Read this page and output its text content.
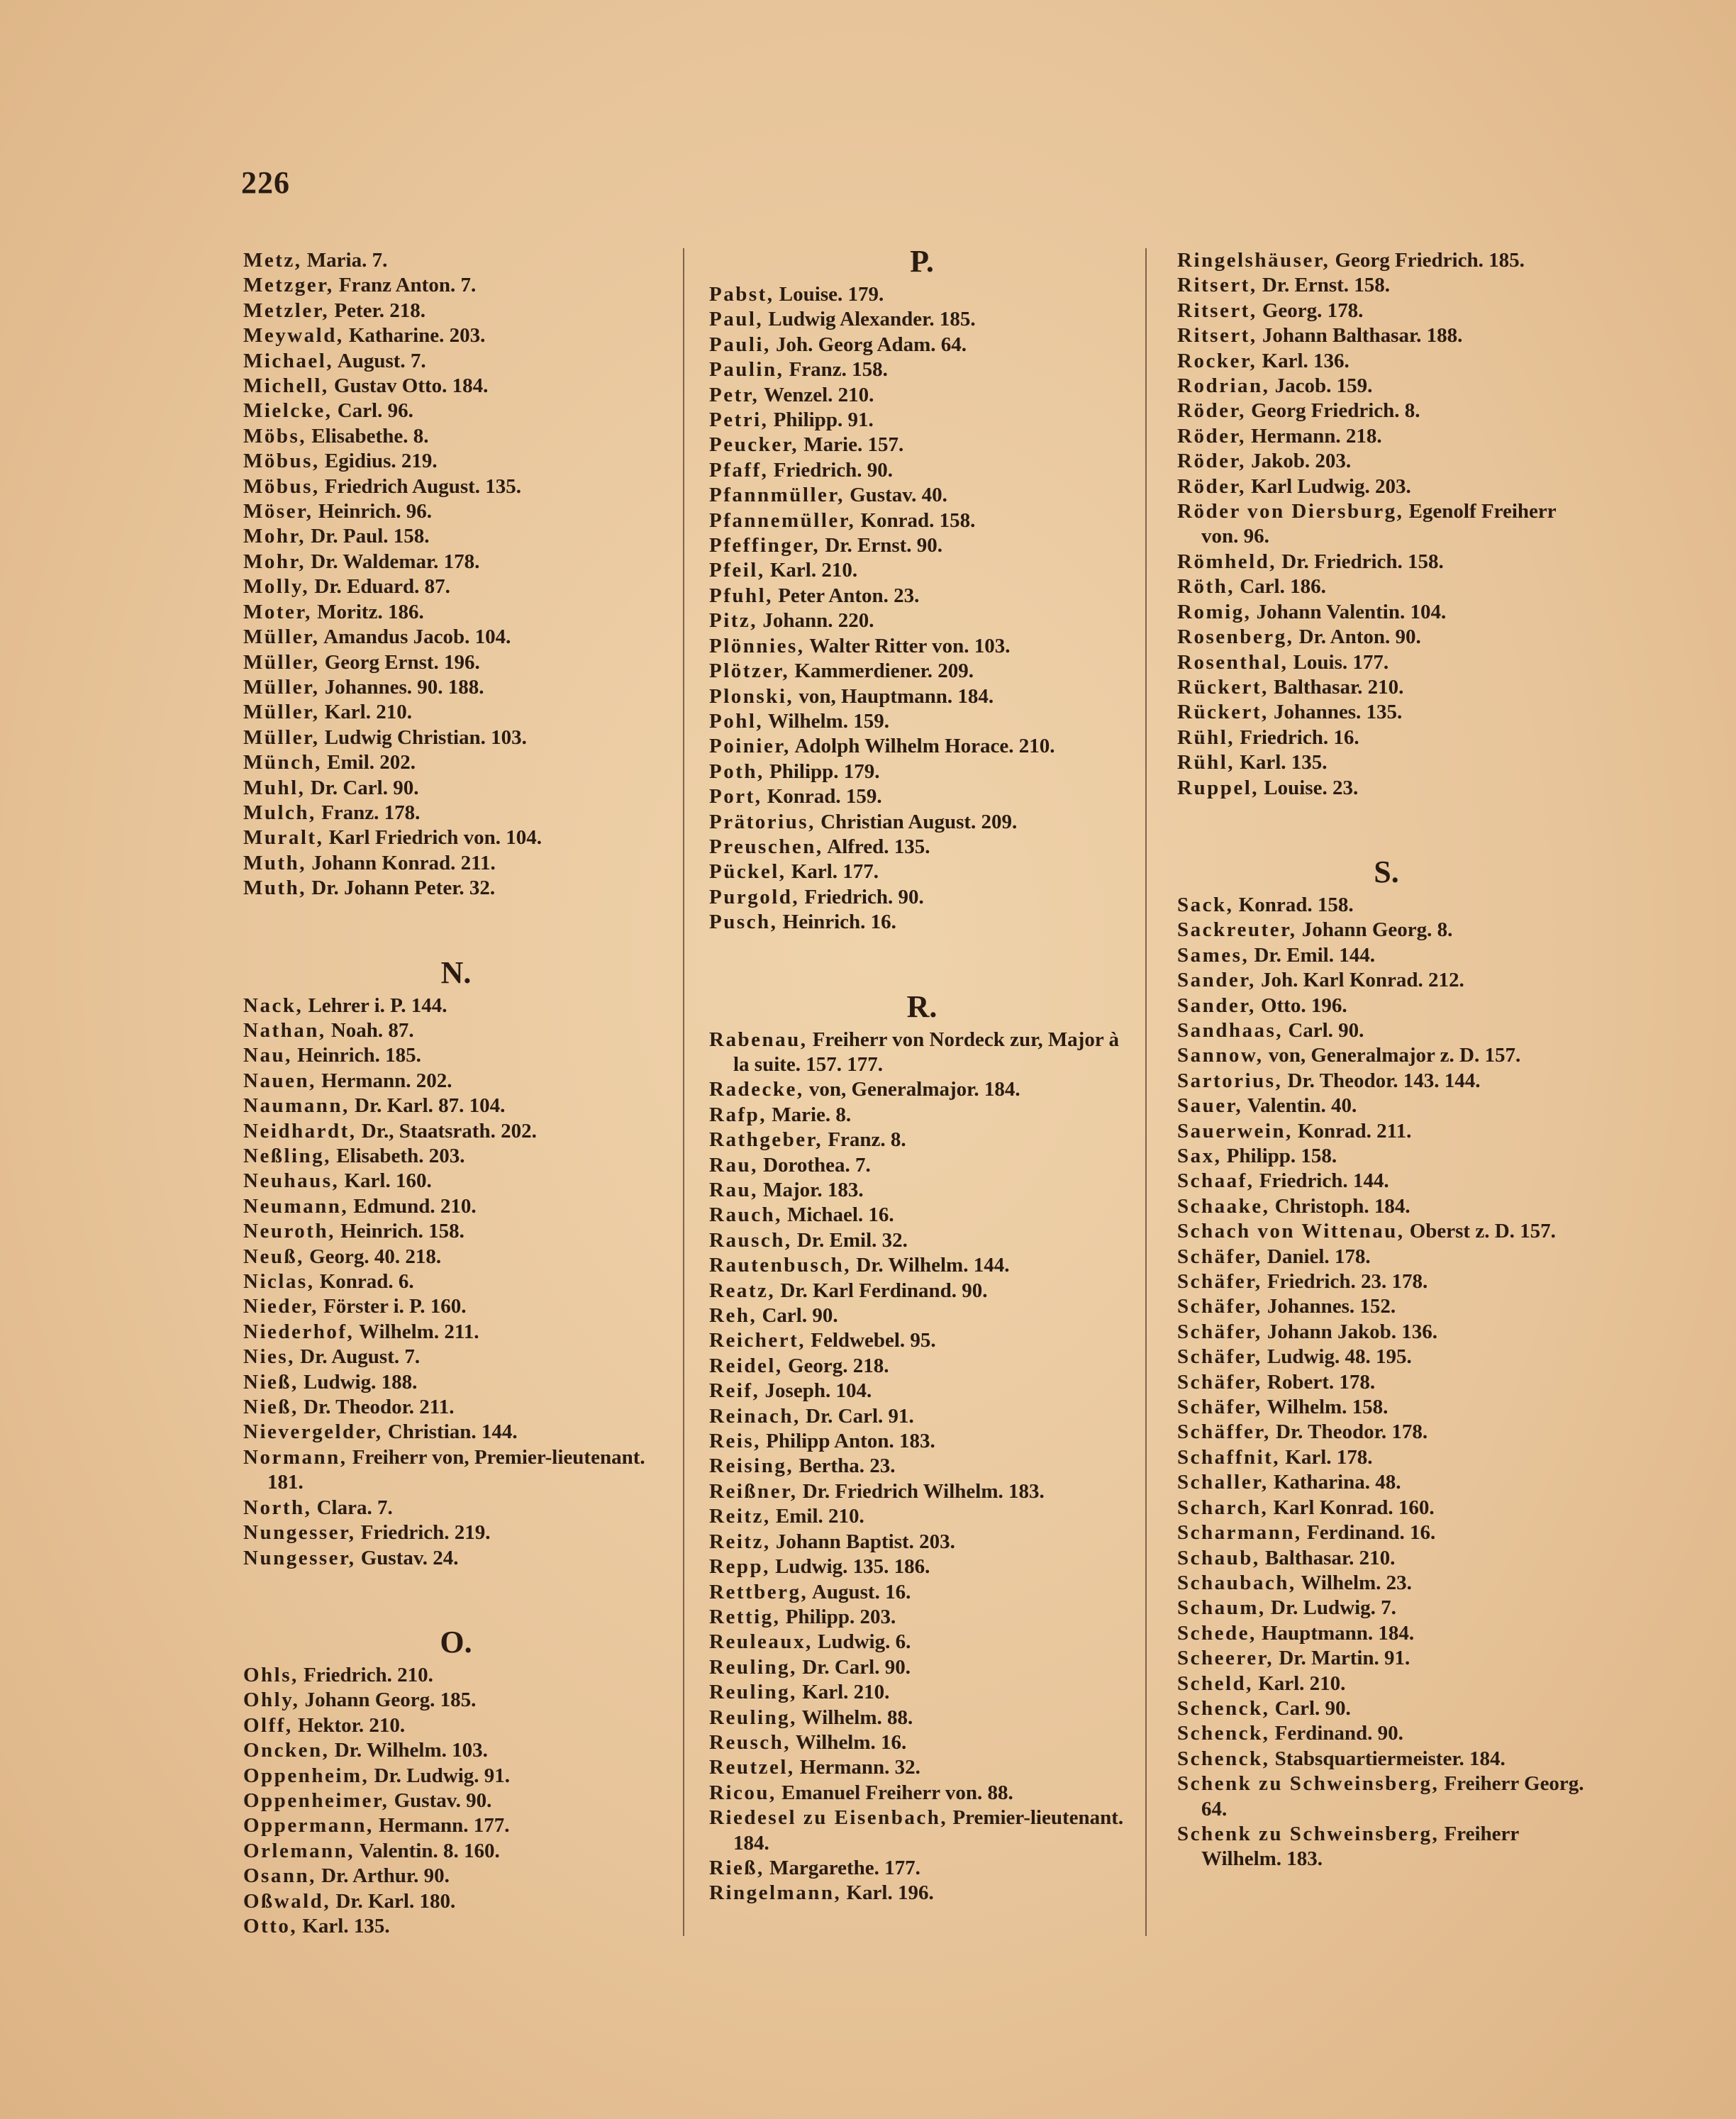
226
Metz, Maria. 7.
Metzger, Franz Anton. 7.
Metzler, Peter. 218.
Meywald, Katharine. 203.
Michael, August. 7.
Michell, Gustav Otto. 184.
Mielcke, Carl. 96.
Möbs, Elisabethe. 8.
Möbus, Egidius. 219.
Möbus, Friedrich August. 135.
Möser, Heinrich. 96.
Mohr, Dr. Paul. 158.
Mohr, Dr. Waldemar. 178.
Molly, Dr. Eduard. 87.
Moter, Moritz. 186.
Müller, Amandus Jacob. 104.
Müller, Georg Ernst. 196.
Müller, Johannes. 90. 188.
Müller, Karl. 210.
Müller, Ludwig Christian. 103.
Münch, Emil. 202.
Muhl, Dr. Carl. 90.
Mulch, Franz. 178.
Muralt, Karl Friedrich von. 104.
Muth, Johann Konrad. 211.
Muth, Dr. Johann Peter. 32.
N.
Nack, Lehrer i. P. 144.
Nathan, Noah. 87.
Nau, Heinrich. 185.
Nauen, Hermann. 202.
Naumann, Dr. Karl. 87. 104.
Neidhardt, Dr., Staatsrath. 202.
Neßling, Elisabeth. 203.
Neuhaus, Karl. 160.
Neumann, Edmund. 210.
Neuroth, Heinrich. 158.
Neuß, Georg. 40. 218.
Niclas, Konrad. 6.
Nieder, Förster i. P. 160.
Niederhof, Wilhelm. 211.
Nies, Dr. August. 7.
Nieß, Ludwig. 188.
Nieß, Dr. Theodor. 211.
Nievergelder, Christian. 144.
Normann, Freiherr von, Premier-lieutenant. 181.
North, Clara. 7.
Nungesser, Friedrich. 219.
Nungesser, Gustav. 24.
O.
Ohls, Friedrich. 210.
Ohly, Johann Georg. 185.
Olff, Hektor. 210.
Oncken, Dr. Wilhelm. 103.
Oppenheim, Dr. Ludwig. 91.
Oppenheimer, Gustav. 90.
Oppermann, Hermann. 177.
Orlemann, Valentin. 8. 160.
Osann, Dr. Arthur. 90.
Oßwald, Dr. Karl. 180.
Otto, Karl. 135.
P.
Pabst, Louise. 179.
Paul, Ludwig Alexander. 185.
Pauli, Joh. Georg Adam. 64.
Paulin, Franz. 158.
Petr, Wenzel. 210.
Petri, Philipp. 91.
Peucker, Marie. 157.
Pfaff, Friedrich. 90.
Pfannmüller, Gustav. 40.
Pfannemüller, Konrad. 158.
Pfeffinger, Dr. Ernst. 90.
Pfeil, Karl. 210.
Pfuhl, Peter Anton. 23.
Pitz, Johann. 220.
Plönnies, Walter Ritter von. 103.
Plötzer, Kammerdiener. 209.
Plonski, von, Hauptmann. 184.
Pohl, Wilhelm. 159.
Poinier, Adolph Wilhelm Horace. 210.
Poth, Philipp. 179.
Port, Konrad. 159.
Prätorius, Christian August. 209.
Preuschen, Alfred. 135.
Pückel, Karl. 177.
Purgold, Friedrich. 90.
Pusch, Heinrich. 16.
R.
Rabenau, Freiherr von Nordeck zur, Major à la suite. 157. 177.
Radecke, von, Generalmajor. 184.
Rafp, Marie. 8.
Rathgeber, Franz. 8.
Rau, Dorothea. 7.
Rau, Major. 183.
Rauch, Michael. 16.
Rausch, Dr. Emil. 32.
Rautenbusch, Dr. Wilhelm. 144.
Reatz, Dr. Karl Ferdinand. 90.
Reh, Carl. 90.
Reichert, Feldwebel. 95.
Reidel, Georg. 218.
Reif, Joseph. 104.
Reinach, Dr. Carl. 91.
Reis, Philipp Anton. 183.
Reising, Bertha. 23.
Reißner, Dr. Friedrich Wilhelm. 183.
Reitz, Emil. 210.
Reitz, Johann Baptist. 203.
Repp, Ludwig. 135. 186.
Rettberg, August. 16.
Rettig, Philipp. 203.
Reuleaux, Ludwig. 6.
Reuling, Dr. Carl. 90.
Reuling, Karl. 210.
Reuling, Wilhelm. 88.
Reusch, Wilhelm. 16.
Reutzel, Hermann. 32.
Ricou, Emanuel Freiherr von. 88.
Riedesel zu Eisenbach, Premier-lieutenant. 184.
Rieß, Margarethe. 177.
Ringelmann, Karl. 196.
Ringelshäuser, Georg Friedrich. 185.
Ritsert, Dr. Ernst. 158.
Ritsert, Georg. 178.
Ritsert, Johann Balthasar. 188.
Rocker, Karl. 136.
Rodrian, Jacob. 159.
Röder, Georg Friedrich. 8.
Röder, Hermann. 218.
Röder, Jakob. 203.
Röder, Karl Ludwig. 203.
Röder von Diersburg, Egenolf Freiherr von. 96.
Römheld, Dr. Friedrich. 158.
Röth, Carl. 186.
Romig, Johann Valentin. 104.
Rosenberg, Dr. Anton. 90.
Rosenthal, Louis. 177.
Rückert, Balthasar. 210.
Rückert, Johannes. 135.
Rühl, Friedrich. 16.
Rühl, Karl. 135.
Ruppel, Louise. 23.
S.
Sack, Konrad. 158.
Sackreuter, Johann Georg. 8.
Sames, Dr. Emil. 144.
Sander, Joh. Karl Konrad. 212.
Sander, Otto. 196.
Sandhaas, Carl. 90.
Sannow, von, Generalmajor z. D. 157.
Sartorius, Dr. Theodor. 143. 144.
Sauer, Valentin. 40.
Sauerwein, Konrad. 211.
Sax, Philipp. 158.
Schaaf, Friedrich. 144.
Schaake, Christoph. 184.
Schach von Wittenau, Oberst z. D. 157.
Schäfer, Daniel. 178.
Schäfer, Friedrich. 23. 178.
Schäfer, Johannes. 152.
Schäfer, Johann Jakob. 136.
Schäfer, Ludwig. 48. 195.
Schäfer, Robert. 178.
Schäfer, Wilhelm. 158.
Schäffer, Dr. Theodor. 178.
Schaffnit, Karl. 178.
Schaller, Katharina. 48.
Scharch, Karl Konrad. 160.
Scharmann, Ferdinand. 16.
Schaub, Balthasar. 210.
Schaubach, Wilhelm. 23.
Schaum, Dr. Ludwig. 7.
Schede, Hauptmann. 184.
Scheerer, Dr. Martin. 91.
Scheld, Karl. 210.
Schenck, Carl. 90.
Schenck, Ferdinand. 90.
Schenck, Stabsquartiermeister. 184.
Schenk zu Schweinsberg, Freiherr Georg. 64.
Schenk zu Schweinsberg, Freiherr Wilhelm. 183.
